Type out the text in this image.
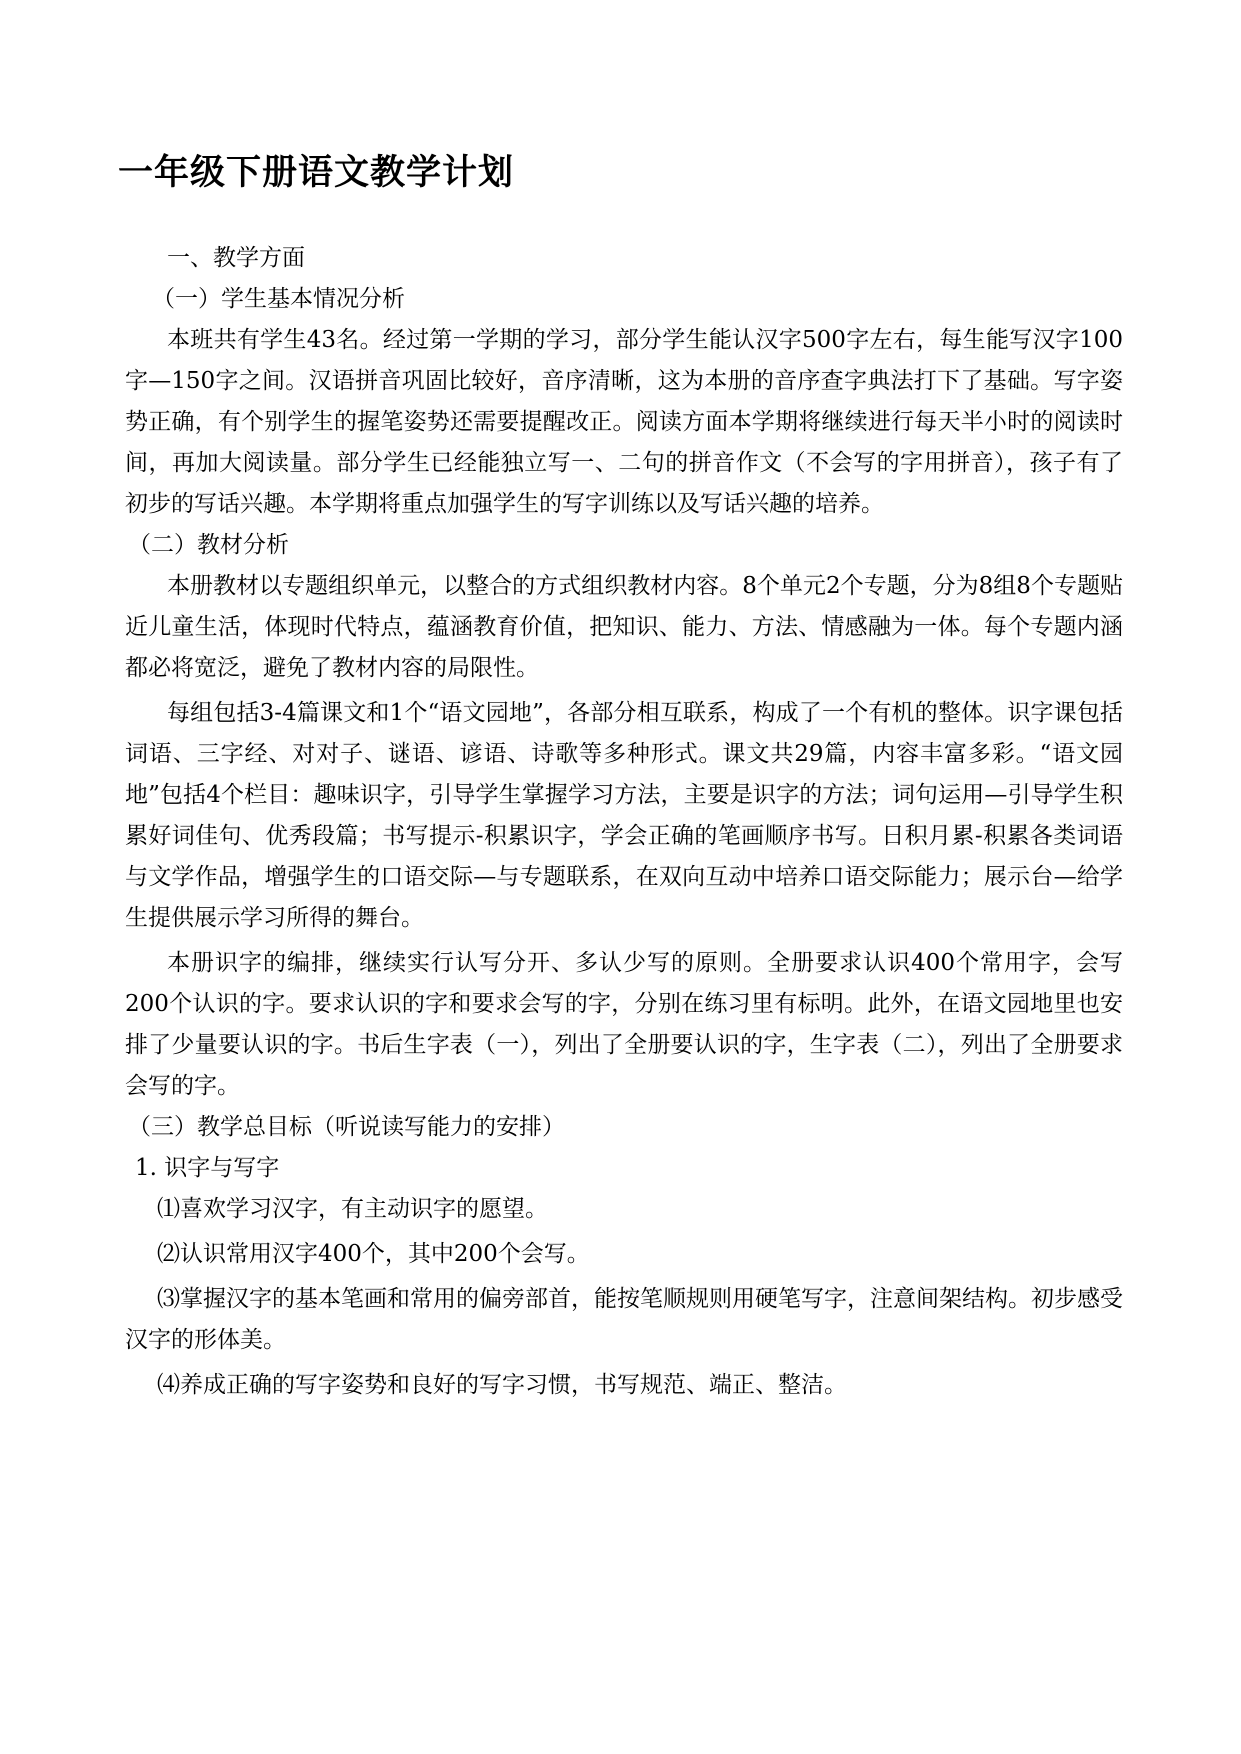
一年级下册语文教学计划

一、教学方面

（一）学生基本情况分析

本班共有学生43名。经过第一学期的学习，部分学生能认汉字500字左右，每生能写汉字100字—150字之间。汉语拼音巩固比较好，音序清晰，这为本册的音序查字典法打下了基础。写字姿势正确，有个别学生的握笔姿势还需要提醒改正。阅读方面本学期将继续进行每天半小时的阅读时间，再加大阅读量。部分学生已经能独立写一、二句的拼音作文（不会写的字用拼音），孩子有了初步的写话兴趣。本学期将重点加强学生的写字训练以及写话兴趣的培养。

（二）教材分析

本册教材以专题组织单元，以整合的方式组织教材内容。8个单元2个专题，分为8组8个专题贴近儿童生活，体现时代特点，蕴涵教育价值，把知识、能力、方法、情感融为一体。每个专题内涵都必将宽泛，避免了教材内容的局限性。

每组包括3-4篇课文和1个“语文园地”，各部分相互联系，构成了一个有机的整体。识字课包括词语、三字经、对对子、谜语、谚语、诗歌等多种形式。课文共29篇，内容丰富多彩。“语文园地”包括4个栏目：趣味识字，引导学生掌握学习方法，主要是识字的方法；词句运用—引导学生积累好词佳句、优秀段篇；书写提示-积累识字，学会正确的笔画顺序书写。日积月累-积累各类词语与文学作品，增强学生的口语交际—与专题联系，在双向互动中培养口语交际能力；展示台—给学生提供展示学习所得的舞台。

本册识字的编排，继续实行认写分开、多认少写的原则。全册要求认识400个常用字，会写200个认识的字。要求认识的字和要求会写的字，分别在练习里有标明。此外，在语文园地里也安排了少量要认识的字。书后生字表（一），列出了全册要认识的字，生字表（二），列出了全册要求会写的字。

（三）教学总目标（听说读写能力的安排）

1. 识字与写字

⑴喜欢学习汉字，有主动识字的愿望。

⑵认识常用汉字400个，其中200个会写。

⑶掌握汉字的基本笔画和常用的偏旁部首，能按笔顺规则用硬笔写字，注意间架结构。初步感受汉字的形体美。

⑷养成正确的写字姿势和良好的写字习惯，书写规范、端正、整洁。
